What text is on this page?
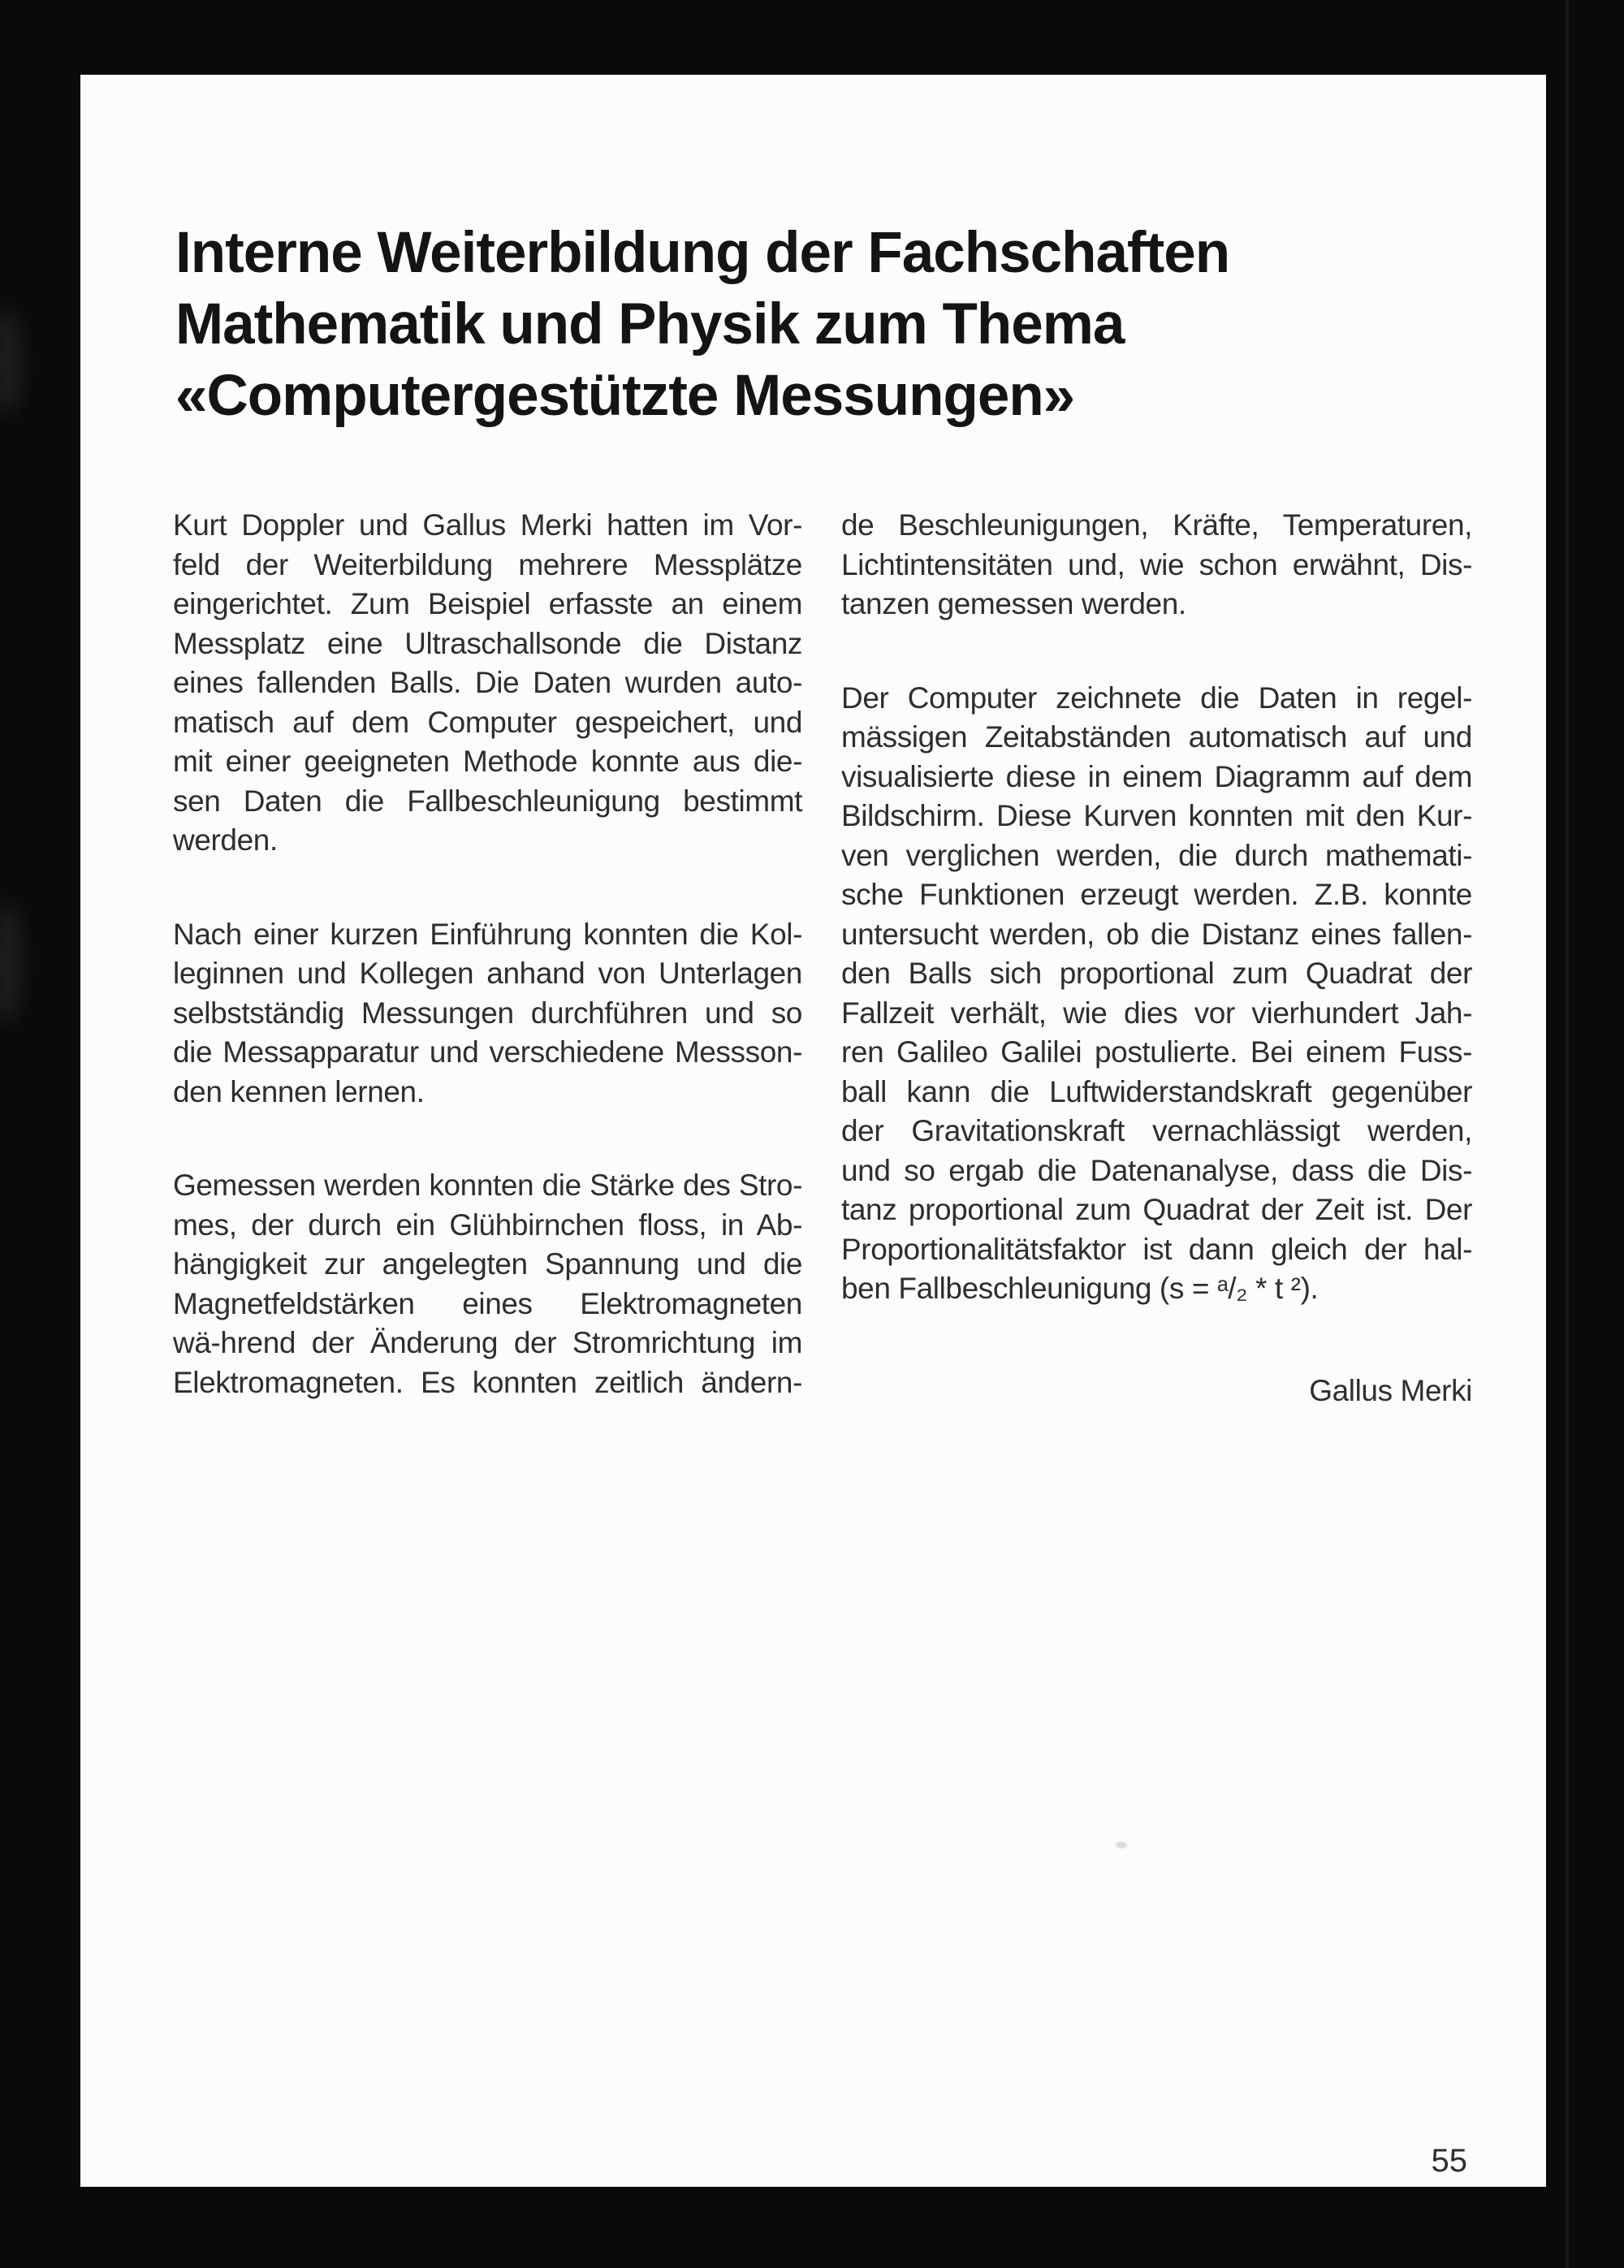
Interne Weiterbildung der Fachschaften
Mathematik und Physik zum Thema
«Computergestützte Messungen»
Kurt Doppler und Gallus Merki hatten im Vor-
feld der Weiterbildung mehrere Messplätze
eingerichtet. Zum Beispiel erfasste an einem
Messplatz eine Ultraschallsonde die Distanz
eines fallenden Balls. Die Daten wurden auto-
matisch auf dem Computer gespeichert, und
mit einer geeigneten Methode konnte aus die-
sen Daten die Fallbeschleunigung bestimmt
werden.
Nach einer kurzen Einführung konnten die Kol-
leginnen und Kollegen anhand von Unterlagen
selbstständig Messungen durchführen und so
die Messapparatur und verschiedene Messson-
den kennen lernen.
Gemessen werden konnten die Stärke des Stro-
mes, der durch ein Glühbirnchen floss, in Ab-
hängigkeit zur angelegten Spannung und die
Magnetfeldstärken eines Elektromagneten
wä-hrend der Änderung der Stromrichtung im
Elektromagneten. Es konnten zeitlich ändern-
de Beschleunigungen, Kräfte, Temperaturen,
Lichtintensitäten und, wie schon erwähnt, Dis-
tanzen gemessen werden.
Der Computer zeichnete die Daten in regel-
mässigen Zeitabständen automatisch auf und
visualisierte diese in einem Diagramm auf dem
Bildschirm. Diese Kurven konnten mit den Kur-
ven verglichen werden, die durch mathemati-
sche Funktionen erzeugt werden. Z.B. konnte
untersucht werden, ob die Distanz eines fallen-
den Balls sich proportional zum Quadrat der
Fallzeit verhält, wie dies vor vierhundert Jah-
ren Galileo Galilei postulierte. Bei einem Fuss-
ball kann die Luftwiderstandskraft gegenüber
der Gravitationskraft vernachlässigt werden,
und so ergab die Datenanalyse, dass die Dis-
tanz proportional zum Quadrat der Zeit ist. Der
Proportionalitätsfaktor ist dann gleich der hal-
ben Fallbeschleunigung (s = ᵃ/₂ * t ²).
Gallus Merki
55
